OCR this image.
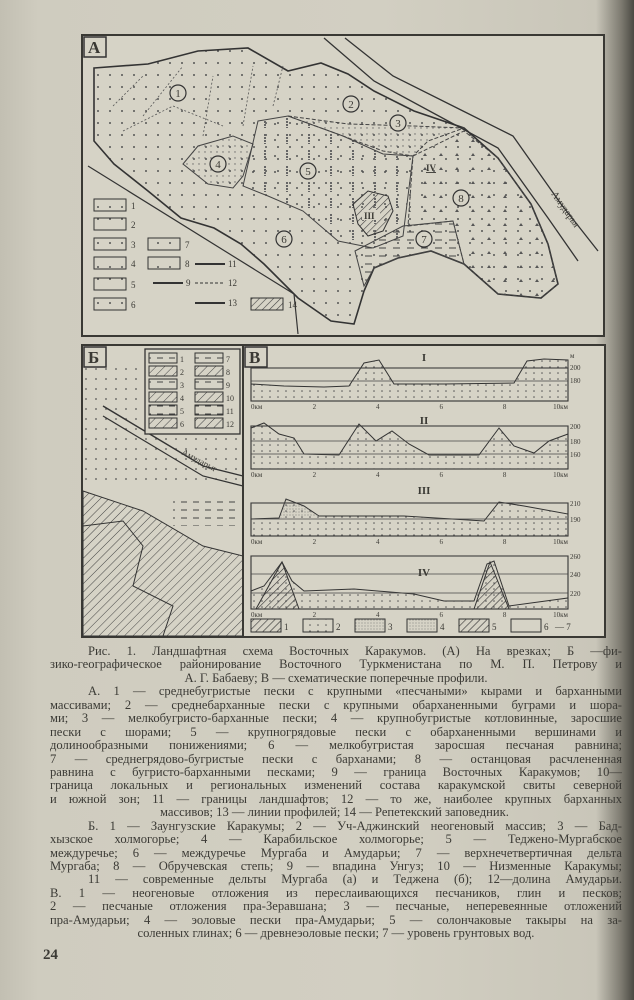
А
Амударья
IV
III
1
2
3
4
5
6	7
8
1
2
3
4
5
6
7
8
9
11
12
13	14
Амударья
Б	1
2
3
4
5
6
7
8
9
10
11
12
В	I
0км	2	4	6	8	10км
м
200
180
II
0км	2	4	6	8	10км
200
180
160
III
0км	2	4	6	8	10км
210
190
IV
0км	2	4	6	8	10км
260
240
220
1	2	3	4	5	6 — 7
Рис. 1. Ландшафтная схема Восточных Каракумов. (А) На врезках; Б —фи-
зико-географическое районирование Восточного Туркменистана по М. П. Петрову и
А. Г. Бабаеву; В — схематические поперечные профили.
А. 1 — среднебугристые пески с крупными «песчаными» кырами и барханными
массивами; 2 — среднебарханные пески с крупными обарханенными буграми и шора-
ми; 3 — мелкобугристо-барханные пески; 4 — крупнобугристые котловинные, заросшие
пески с шорами; 5 — крупногрядовые пески с обарханенными вершинами и
долинообразными понижениями; 6 — мелкобугристая заросшая песчаная равнина;
7 — среднегрядово-бугристые пески с барханами; 8 — останцовая расчлененная
равнина с бугристо-барханными песками; 9 — граница Восточных Каракумов; 10—
граница локальных и региональных изменений состава каракумской свиты северной
и южной зон; 11 — границы ландшафтов; 12 — то же, наиболее крупных барханных
массивов; 13 — линии профилей; 14 — Репетекский заповедник.
Б. 1 — Заунгузские Каракумы; 2 — Уч-Аджинский неогеновый массив; 3 — Бад-
хызское холмогорье; 4 — Карабильское холмогорье; 5 — Теджено-Мургабское
междуречье; 6 — междуречье Мургаба и Амударьи; 7 — верхнечетвертичная дельта
Мургаба; 8 — Обручевская степь; 9 — впадина Унгуз; 10 — Низменные Каракумы;
11 — современные дельты Мургаба (а) и Теджена (б); 12—долина Амударьи.
В. 1 — неогеновые отложения из переслаивающихся песчаников, глин и песков;
2 — песчаные отложения пра-Зеравшана; 3 — песчаные, неперевеянные отложений
пра-Амударьи; 4 — эоловые пески пра-Амударьи; 5 — солончаковые такыры на за-
соленных глинах; 6 — древнеэоловые пески; 7 — уровень грунтовых вод.
24
